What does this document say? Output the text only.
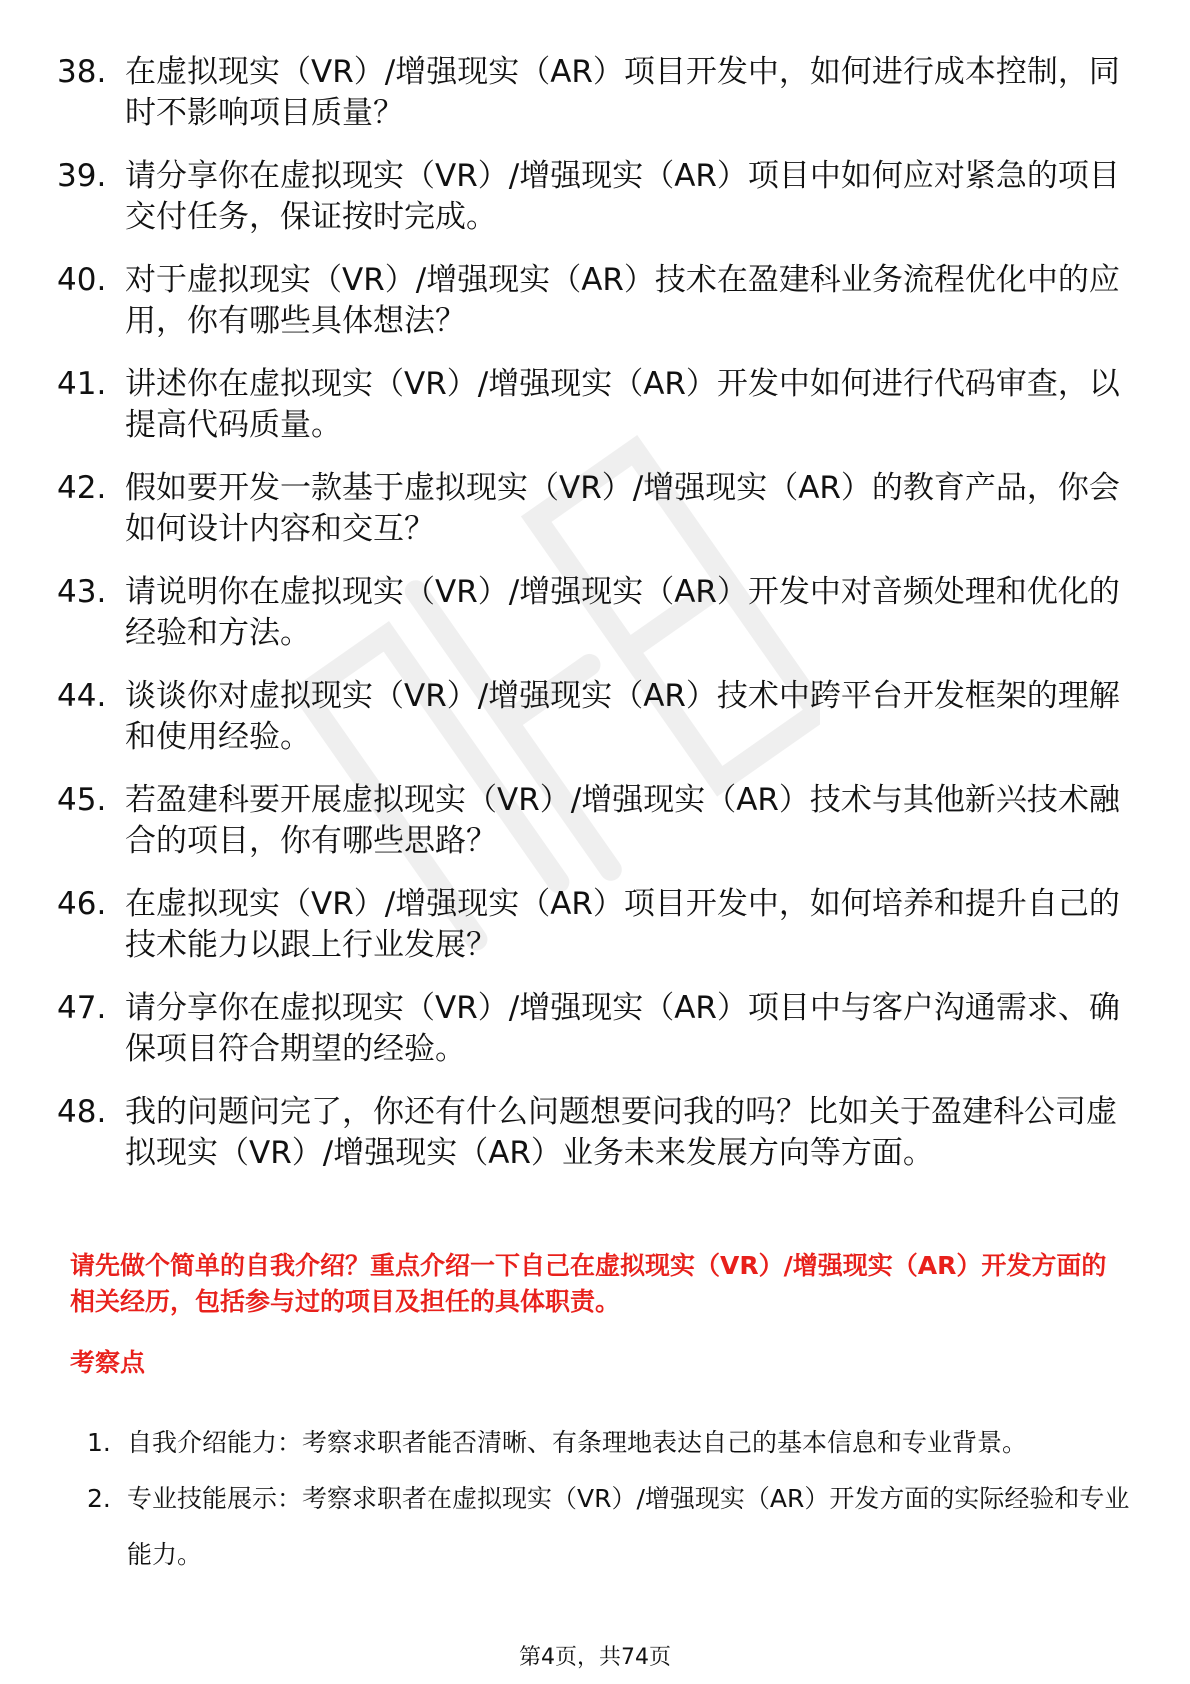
38. 在虚拟现实（VR）/增强现实（AR）项目开发中，如何进行成本控制，同时不影响项目质量？
39. 请分享你在虚拟现实（VR）/增强现实（AR）项目中如何应对紧急的项目交付任务，保证按时完成。
40. 对于虚拟现实（VR）/增强现实（AR）技术在盈建科业务流程优化中的应用，你有哪些具体想法？
41. 讲述你在虚拟现实（VR）/增强现实（AR）开发中如何进行代码审查，以提高代码质量。
42. 假如要开发一款基于虚拟现实（VR）/增强现实（AR）的教育产品，你会如何设计内容和交互？
43. 请说明你在虚拟现实（VR）/增强现实（AR）开发中对音频处理和优化的经验和方法。
44. 谈谈你对虚拟现实（VR）/增强现实（AR）技术中跨平台开发框架的理解和使用经验。
45. 若盈建科要开展虚拟现实（VR）/增强现实（AR）技术与其他新兴技术融合的项目，你有哪些思路？
46. 在虚拟现实（VR）/增强现实（AR）项目开发中，如何培养和提升自己的技术能力以跟上行业发展？
47. 请分享你在虚拟现实（VR）/增强现实（AR）项目中与客户沟通需求、确保项目符合期望的经验。
48. 我的问题问完了，你还有什么问题想要问我的吗？比如关于盈建科公司虚拟现实（VR）/增强现实（AR）业务未来发展方向等方面。
请先做个简单的自我介绍？重点介绍一下自己在虚拟现实（VR）/增强现实（AR）开发方面的相关经历，包括参与过的项目及担任的具体职责。
考察点
1. 自我介绍能力：考察求职者能否清晰、有条理地表达自己的基本信息和专业背景。
2. 专业技能展示：考察求职者在虚拟现实（VR）/增强现实（AR）开发方面的实际经验和专业能力。
第4页，共74页
